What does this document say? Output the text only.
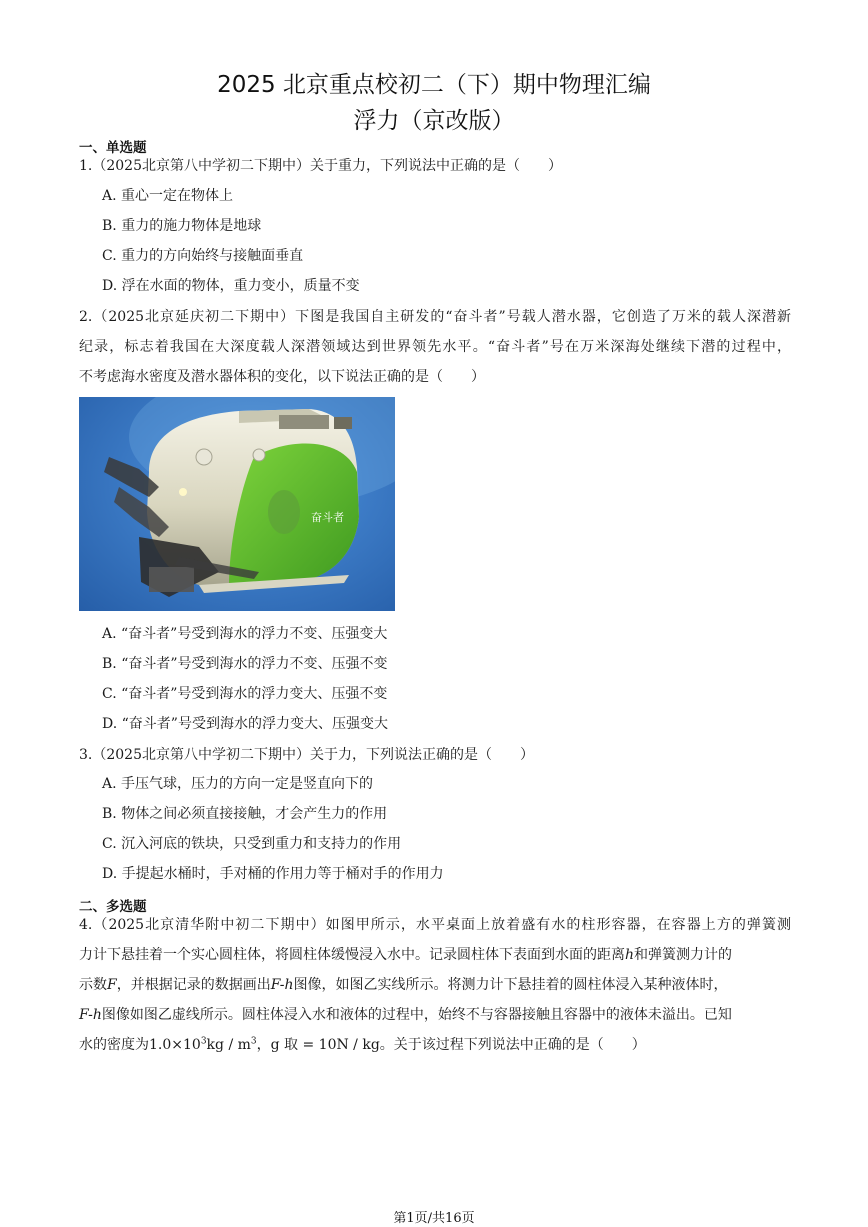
2025 北京重点校初二（下）期中物理汇编
浮力（京改版）
一、单选题
1.（2025北京第八中学初二下期中）关于重力，下列说法中正确的是（　　）
A. 重心一定在物体上
B. 重力的施力物体是地球
C. 重力的方向始终与接触面垂直
D. 浮在水面的物体，重力变小，质量不变
2.（2025北京延庆初二下期中）下图是我国自主研发的“奋斗者”号载人潜水器，它创造了万米的载人深潜新
纪录，标志着我国在大深度载人深潜领域达到世界领先水平。“奋斗者”号在万米深海处继续下潜的过程中，
不考虑海水密度及潜水器体积的变化，以下说法正确的是（　　）
奋斗者
A. “奋斗者”号受到海水的浮力不变、压强变大
B. “奋斗者”号受到海水的浮力不变、压强不变
C. “奋斗者”号受到海水的浮力变大、压强不变
D. “奋斗者”号受到海水的浮力变大、压强变大
3.（2025北京第八中学初二下期中）关于力，下列说法正确的是（　　）
A. 手压气球，压力的方向一定是竖直向下的
B. 物体之间必须直接接触，才会产生力的作用
C. 沉入河底的铁块，只受到重力和支持力的作用
D. 手提起水桶时，手对桶的作用力等于桶对手的作用力
二、多选题
4.（2025北京清华附中初二下期中）如图甲所示，水平桌面上放着盛有水的柱形容器，在容器上方的弹簧测
力计下悬挂着一个实心圆柱体，将圆柱体缓慢浸入水中。记录圆柱体下表面到水面的距离h和弹簧测力计的
示数F，并根据记录的数据画出F-h图像，如图乙实线所示。将测力计下悬挂着的圆柱体浸入某种液体时，
F-h图像如图乙虚线所示。圆柱体浸入水和液体的过程中，始终不与容器接触且容器中的液体未溢出。已知
水的密度为$1.0\times 10^3kg / m^3$，g 取 = 10N / kg。关于该过程下列说法中正确的是（　　）
第1页/共16页
